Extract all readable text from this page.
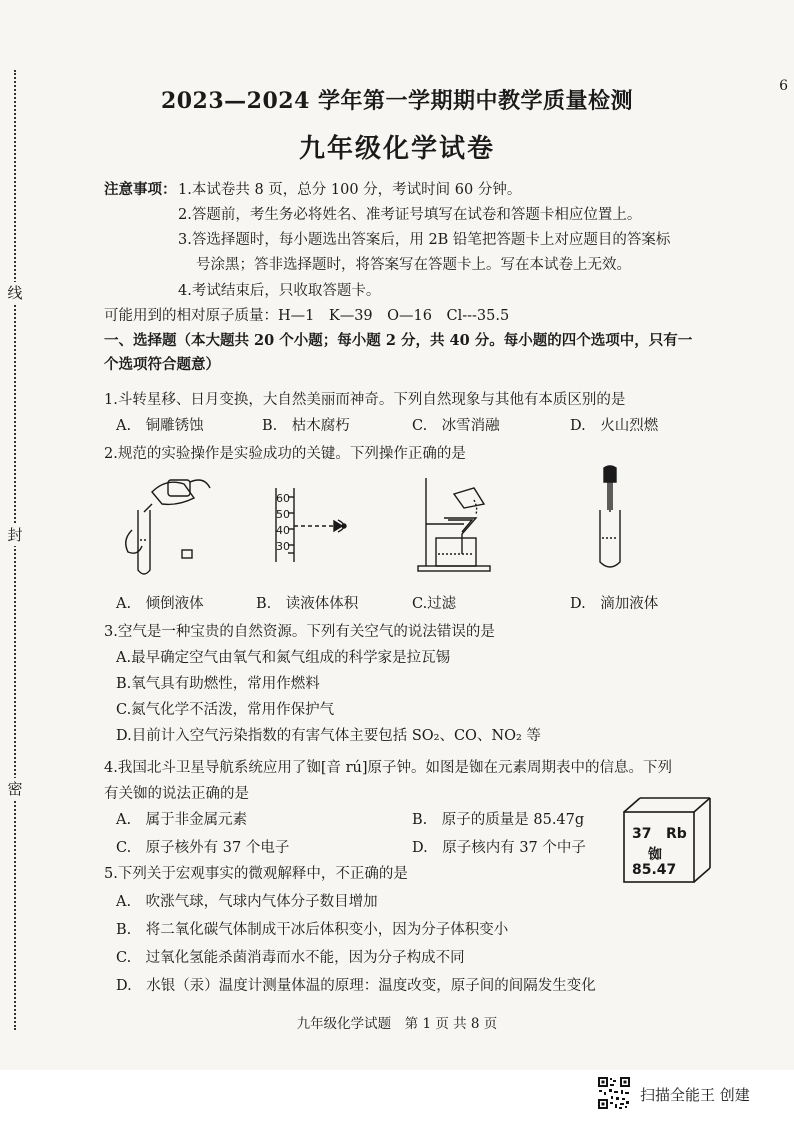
线
封
密
6
2023—2024 学年第一学期期中教学质量检测
九年级化学试卷
注意事项： 1.本试卷共 8 页，总分 100 分，考试时间 60 分钟。
2.答题前，考生务必将姓名、准考证号填写在试卷和答题卡相应位置上。
3.答选择题时，每小题选出答案后，用 2B 铅笔把答题卡上对应题目的答案标
号涂黑；答非选择题时，将答案写在答题卡上。写在本试卷上无效。
4.考试结束后，只收取答题卡。
可能用到的相对原子质量：H—1　K—39　O—16　Cl---35.5
一、选择题（本大题共 20 个小题；每小题 2 分，共 40 分。每小题的四个选项中，只有一
个选项符合题意）
1.斗转星移、日月变换，大自然美丽而神奇。下列自然现象与其他有本质区别的是
A.　铜雕锈蚀	B.　枯木腐朽	C.　冰雪消融	D.　火山烈燃
2.规范的实验操作是实验成功的关键。下列操作正确的是
60
50
40
30
A.　倾倒液体	B.　读液体体积	C.过滤	D.　滴加液体
3.空气是一种宝贵的自然资源。下列有关空气的说法错误的是
A.最早确定空气由氧气和氮气组成的科学家是拉瓦锡
B.氧气具有助燃性，常用作燃料
C.氮气化学不活泼，常用作保护气
D.目前计入空气污染指数的有害气体主要包括 SO₂、CO、NO₂ 等
4.我国北斗卫星导航系统应用了铷[音 rú]原子钟。如图是铷在元素周期表中的信息。下列
有关铷的说法正确的是
A.　属于非金属元素	B.　原子的质量是 85.47g
C.　原子核外有 37 个电子	D.　原子核内有 37 个中子
37 Rb
铷
85.47
5.下列关于宏观事实的微观解释中，不正确的是
A.　吹涨气球，气球内气体分子数目增加
B.　将二氧化碳气体制成干冰后体积变小，因为分子体积变小
C.　过氧化氢能杀菌消毒而水不能，因为分子构成不同
D.　水银（汞）温度计测量体温的原理：温度改变，原子间的间隔发生变化
九年级化学试题　第 1 页 共 8 页
扫描全能王 创建
